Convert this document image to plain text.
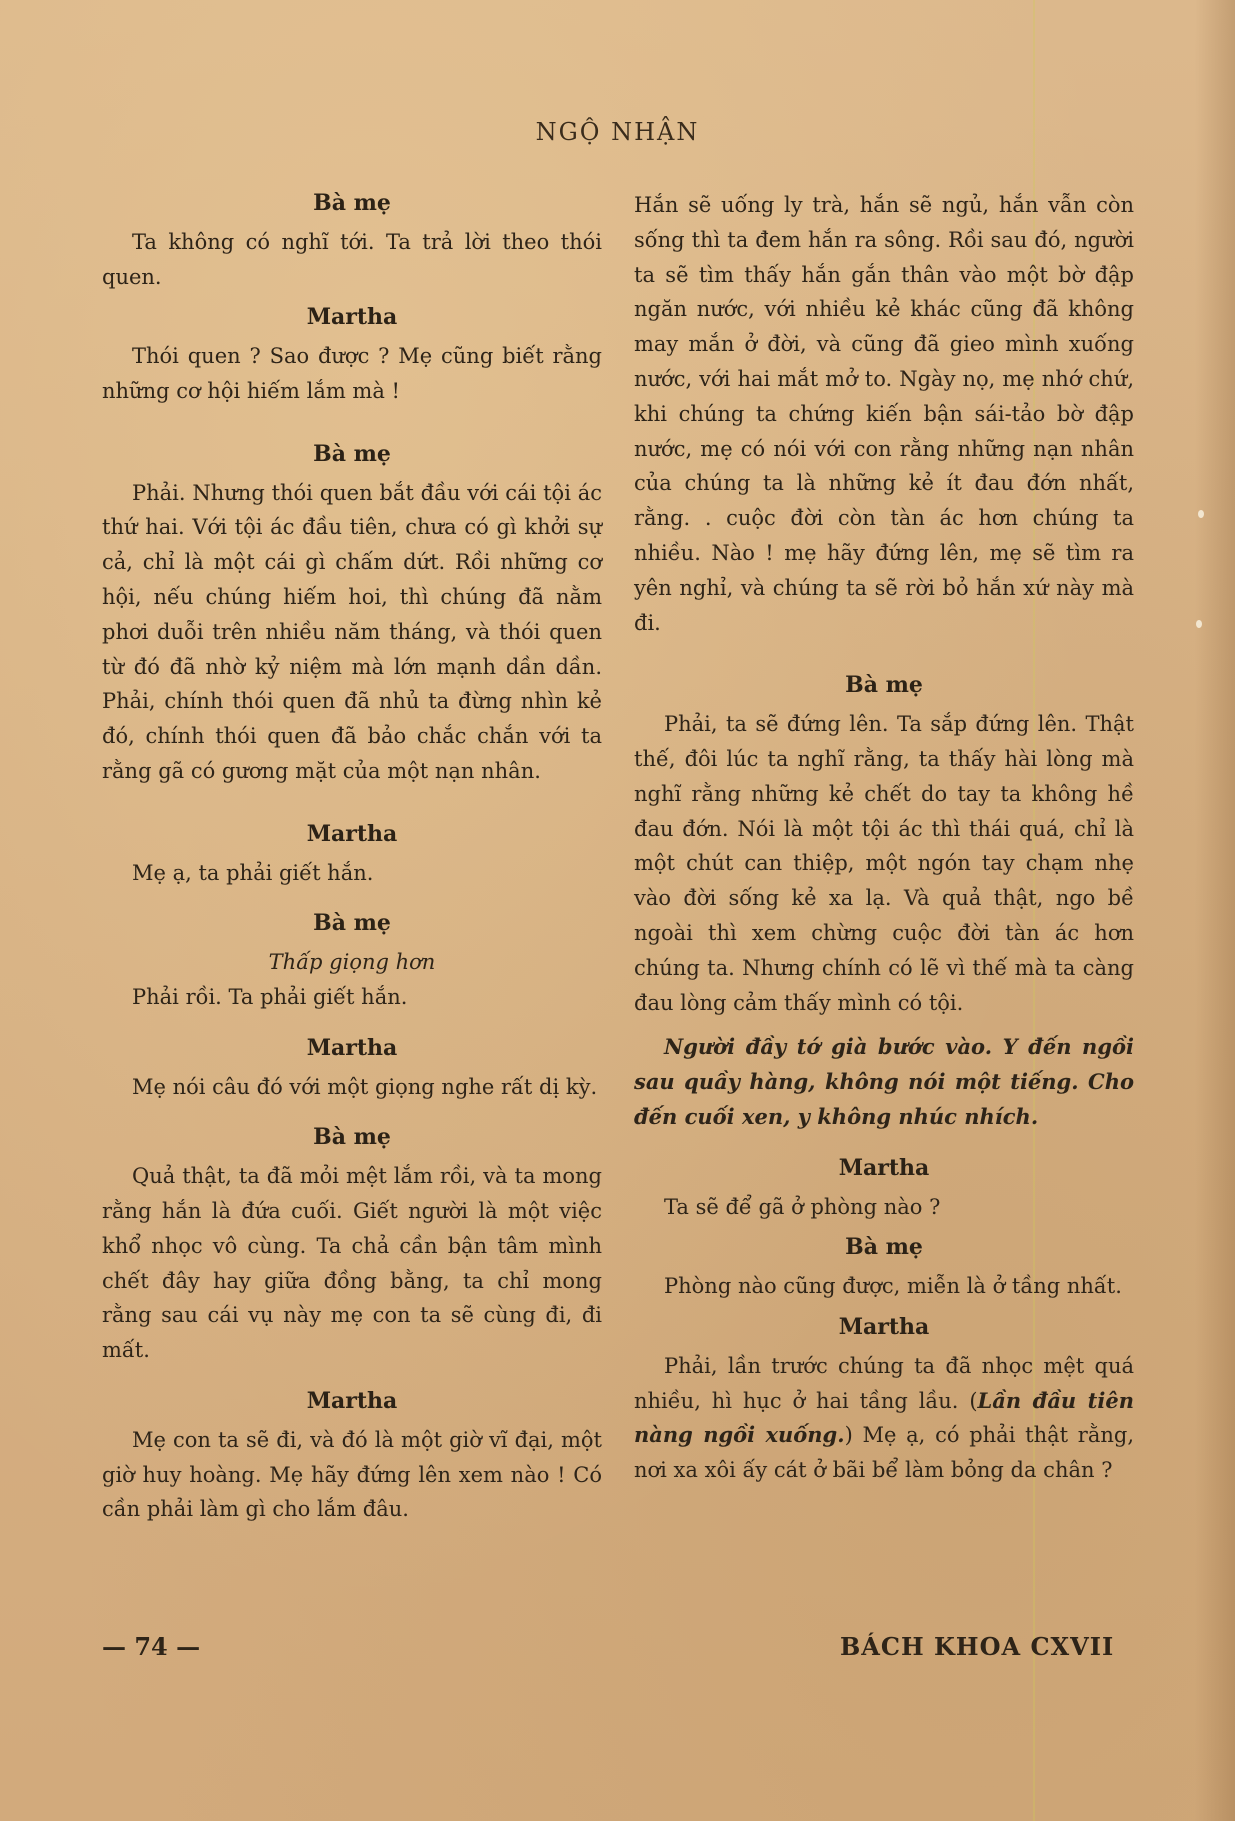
NGỘ NHẬN
Bà mẹ

Ta không có nghĩ tới. Ta trả lời theo thói quen.

Martha

Thói quen ? Sao được ? Mẹ cũng biết rằng những cơ hội hiếm lắm mà !

Bà mẹ

Phải. Nhưng thói quen bắt đầu với cái tội ác thứ hai. Với tội ác đầu tiên, chưa có gì khởi sự cả, chỉ là một cái gì chấm dứt. Rồi những cơ hội, nếu chúng hiếm hoi, thì chúng đã nằm phơi duỗi trên nhiều năm tháng, và thói quen từ đó đã nhờ kỷ niệm mà lớn mạnh dần dần. Phải, chính thói quen đã nhủ ta đừng nhìn kẻ đó, chính thói quen đã bảo chắc chắn với ta rằng gã có gương mặt của một nạn nhân.

Martha

Mẹ ạ, ta phải giết hắn.

Bà mẹ

Thấp giọng hơn

Phải rồi. Ta phải giết hắn.

Martha

Mẹ nói câu đó với một giọng nghe rất dị kỳ.

Bà mẹ

Quả thật, ta đã mỏi mệt lắm rồi, và ta mong rằng hắn là đứa cuối. Giết người là một việc khổ nhọc vô cùng. Ta chả cần bận tâm mình chết đây hay giữa đồng bằng, ta chỉ mong rằng sau cái vụ này mẹ con ta sẽ cùng đi, đi mất.

Martha

Mẹ con ta sẽ đi, và đó là một giờ vĩ đại, một giờ huy hoàng. Mẹ hãy đứng lên xem nào ! Có cần phải làm gì cho lắm đâu.

Hắn sẽ uống ly trà, hắn sẽ ngủ, hắn vẫn còn sống thì ta đem hắn ra sông. Rồi sau đó, người ta sẽ tìm thấy hắn gắn thân vào một bờ đập ngăn nước, với nhiều kẻ khác cũng đã không may mắn ở đời, và cũng đã gieo mình xuống nước, với hai mắt mở to. Ngày nọ, mẹ nhớ chứ, khi chúng ta chứng kiến bận sái-tảo bờ đập nước, mẹ có nói với con rằng những nạn nhân của chúng ta là những kẻ ít đau đớn nhất, rằng. . cuộc đời còn tàn ác hơn chúng ta nhiều. Nào ! mẹ hãy đứng lên, mẹ sẽ tìm ra yên nghỉ, và chúng ta sẽ rời bỏ hắn xứ này mà đi.

Bà mẹ

Phải, ta sẽ đứng lên. Ta sắp đứng lên. Thật thế, đôi lúc ta nghĩ rằng, ta thấy hài lòng mà nghĩ rằng những kẻ chết do tay ta không hề đau đớn. Nói là một tội ác thì thái quá, chỉ là một chút can thiệp, một ngón tay chạm nhẹ vào đời sống kẻ xa lạ. Và quả thật, ngo bề ngoài thì xem chừng cuộc đời tàn ác hơn chúng ta. Nhưng chính có lẽ vì thế mà ta càng đau lòng cảm thấy mình có tội.

Người đầy tớ già bước vào. Y đến ngồi sau quầy hàng, không nói một tiếng. Cho đến cuối xen, y không nhúc nhích.

Martha

Ta sẽ để gã ở phòng nào ?

Bà mẹ

Phòng nào cũng được, miễn là ở tầng nhất.

Martha

Phải, lần trước chúng ta đã nhọc mệt quá nhiều, hì hục ở hai tầng lầu. (Lần đầu tiên nàng ngồi xuống.) Mẹ ạ, có phải thật rằng, nơi xa xôi ấy cát ở bãi bể làm bỏng da chân ?

— 74 —	BÁCH KHOA CXVII
